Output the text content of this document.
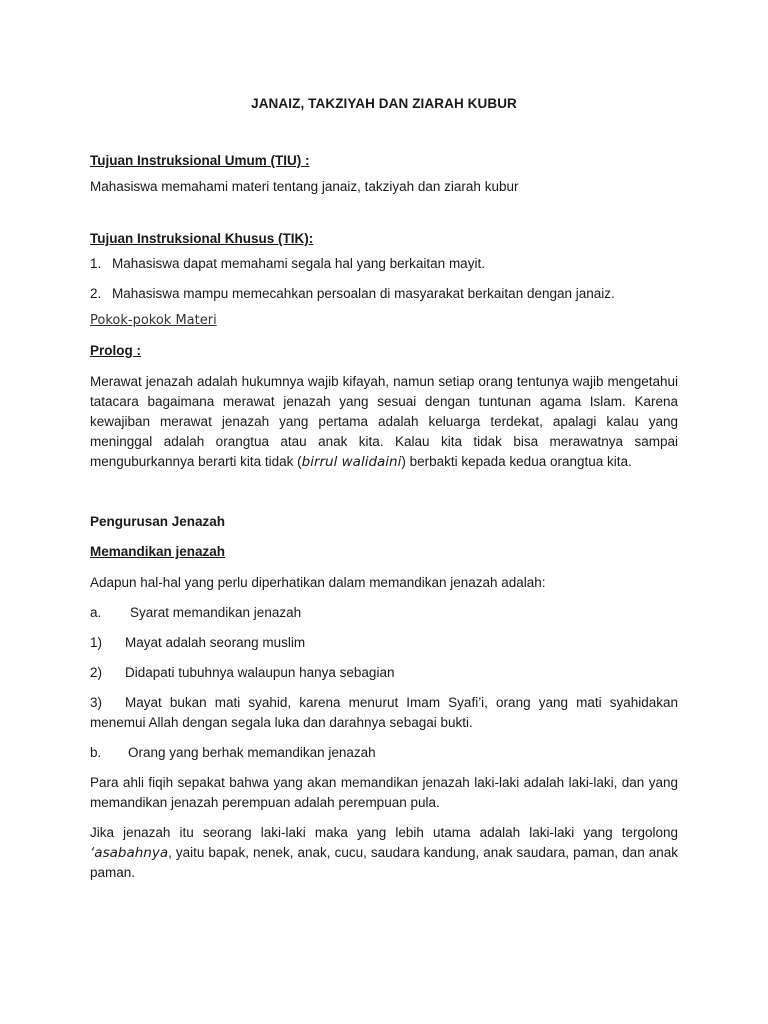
JANAIZ, TAKZIYAH DAN ZIARAH KUBUR
Tujuan Instruksional Umum (TIU) :
Mahasiswa memahami materi tentang janaiz, takziyah dan ziarah kubur
Tujuan Instruksional Khusus (TIK):
1. Mahasiswa dapat memahami segala hal yang berkaitan mayit.
2. Mahasiswa mampu memecahkan persoalan di masyarakat berkaitan dengan janaiz.
Pokok-pokok Materi
Prolog :
Merawat jenazah adalah hukumnya wajib kifayah, namun setiap orang tentunya wajib mengetahui tatacara bagaimana merawat jenazah yang sesuai dengan tuntunan agama Islam. Karena kewajiban merawat jenazah yang pertama adalah keluarga terdekat, apalagi kalau yang meninggal adalah orangtua atau anak kita. Kalau kita tidak bisa merawatnya sampai menguburkannya berarti kita tidak (birrul walidaini) berbakti kepada kedua orangtua kita.
Pengurusan Jenazah
Memandikan jenazah
Adapun hal-hal yang perlu diperhatikan dalam memandikan jenazah adalah:
a. Syarat memandikan jenazah
1) Mayat adalah seorang muslim
2) Didapati tubuhnya walaupun hanya sebagian
3) Mayat bukan mati syahid, karena menurut Imam Syafi’i, orang yang mati syahidakan menemui Allah dengan segala luka dan darahnya sebagai bukti.
b. Orang yang berhak memandikan jenazah
Para ahli fiqih sepakat bahwa yang akan memandikan jenazah laki-laki adalah laki-laki, dan yang memandikan jenazah perempuan adalah perempuan pula.
Jika jenazah itu seorang laki-laki maka yang lebih utama adalah laki-laki yang tergolong ‘asabahnya, yaitu bapak, nenek, anak, cucu, saudara kandung, anak saudara, paman, dan anak paman.
